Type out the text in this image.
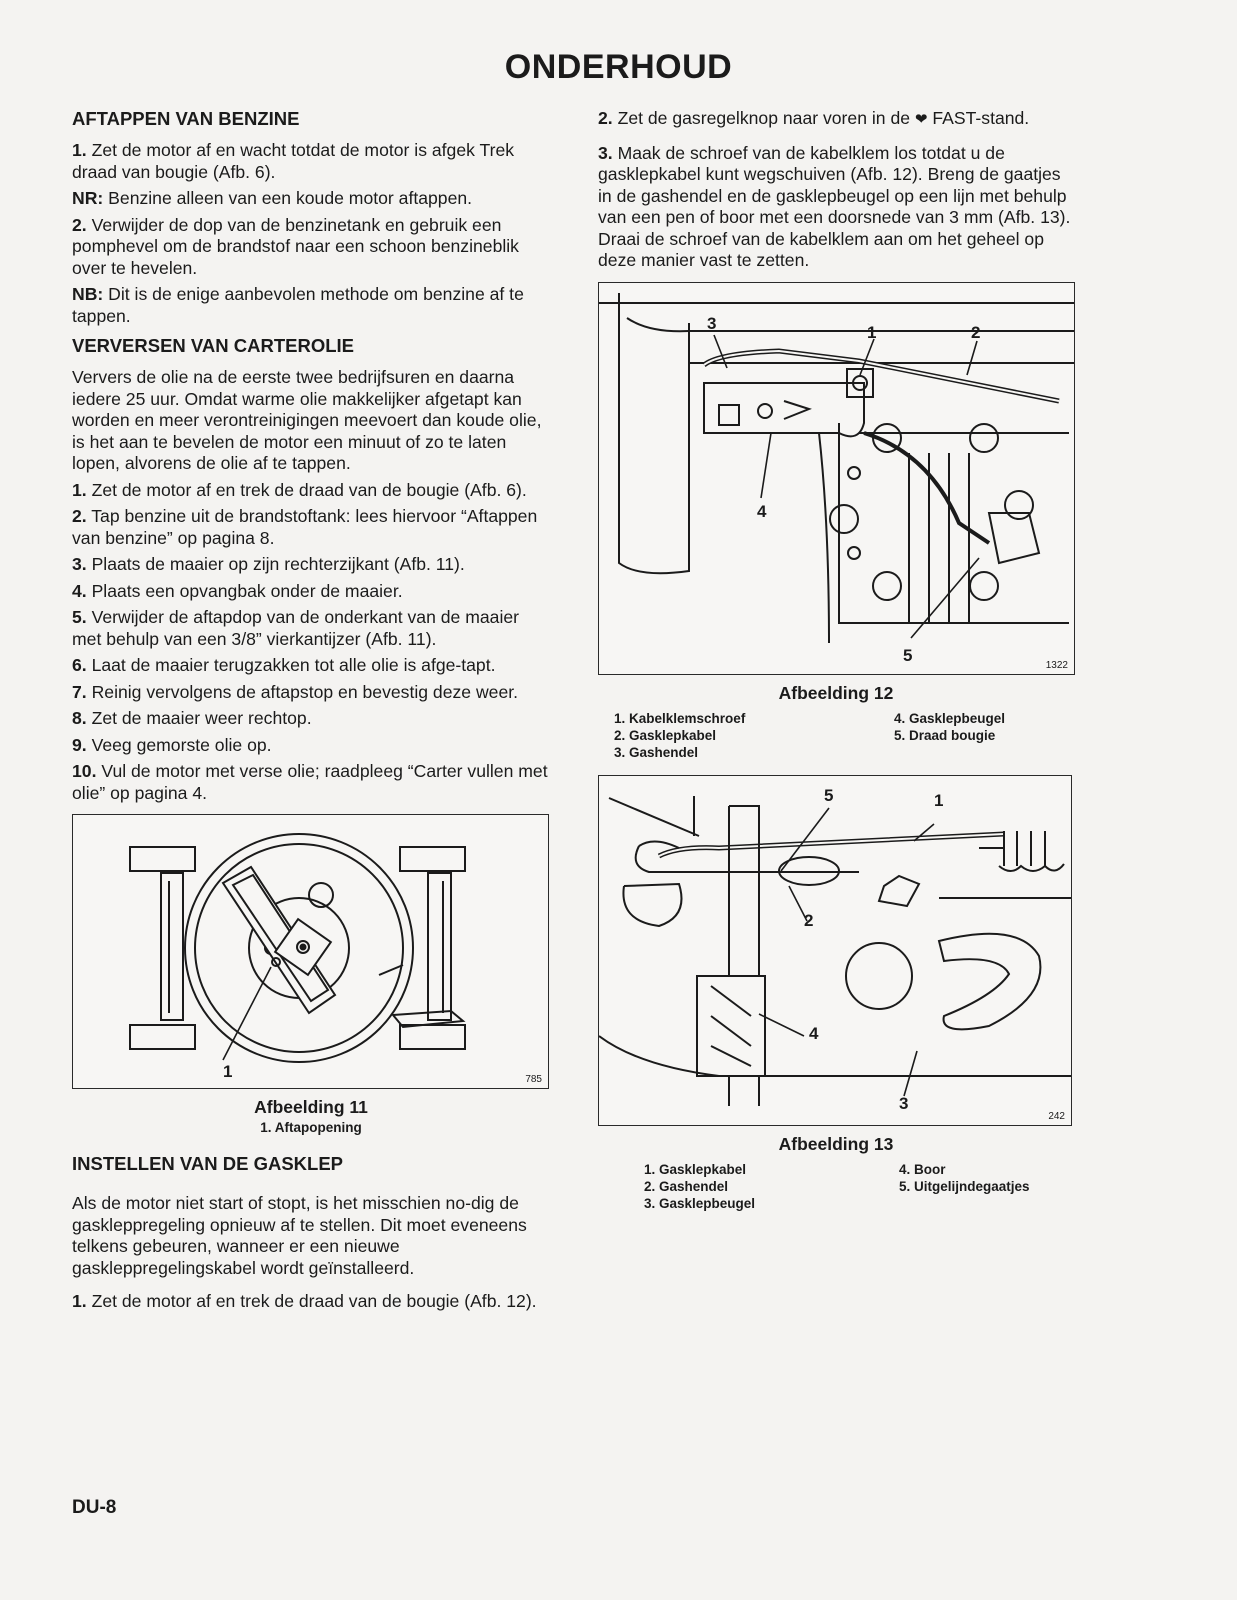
ONDERHOUD
AFTAPPEN VAN BENZINE

1. Zet de motor af en wacht totdat de motor is afgek Trek draad van bougie (Afb. 6).

NR: Benzine alleen van een koude motor aftappen.

2. Verwijder de dop van de benzinetank en gebruik een pomphevel om de brandstof naar een schoon benzineblik over te hevelen.

NB: Dit is de enige aanbevolen methode om benzine af te tappen.

VERVERSEN VAN CARTEROLIE

Ververs de olie na de eerste twee bedrijfsuren en daarna iedere 25 uur. Omdat warme olie makkelijker afgetapt kan worden en meer verontreinigingen meevoert dan koude olie, is het aan te bevelen de motor een minuut of zo te laten lopen, alvorens de olie af te tappen.

1. Zet de motor af en trek de draad van de bougie (Afb. 6).

2. Tap benzine uit de brandstoftank: lees hiervoor “Aftappen van benzine” op pagina 8.

3. Plaats de maaier op zijn rechterzijkant (Afb. 11).

4. Plaats een opvangbak onder de maaier.

5. Verwijder de aftapdop van de onderkant van de maaier met behulp van een 3/8” vierkantijzer (Afb. 11).

6. Laat de maaier terugzakken tot alle olie is afge-tapt.

7. Reinig vervolgens de aftapstop en bevestig deze weer.

8. Zet de maaier weer rechtop.

9. Veeg gemorste olie op.

10. Vul de motor met verse olie; raadpleeg “Carter vullen met olie” op pagina 4.

1	785
Afbeelding 11
1. Aftapopening
INSTELLEN VAN DE GASKLEP

Als de motor niet start of stopt, is het misschien no-dig de gaskleppregeling opnieuw af te stellen. Dit moet eveneens telkens gebeuren, wanneer er een nieuwe gaskleppregelingskabel wordt geïnstalleerd.

1. Zet de motor af en trek de draad van de bougie (Afb. 12).

2. Zet de gasregelknop naar voren in de ❤ FAST-stand.

3. Maak de schroef van de kabelklem los totdat u de gasklepkabel kunt wegschuiven (Afb. 12). Breng de gaatjes in de gashendel en de gasklepbeugel op een lijn met behulp van een pen of boor met een doorsnede van 3 mm (Afb. 13). Draai de schroef van de kabelklem aan om het geheel op deze manier vast te zetten.

1	2
3
4
5
1322
Afbeelding 12
1. Kabelklemschroef
2. Gasklepkabel
3. Gashendel
4. Gasklepbeugel
5. Draad bougie
1
2
3
4
5
242
Afbeelding 13
1. Gasklepkabel
2. Gashendel
3. Gasklepbeugel
4. Boor
5. Uitgelijndegaatjes
DU-8
